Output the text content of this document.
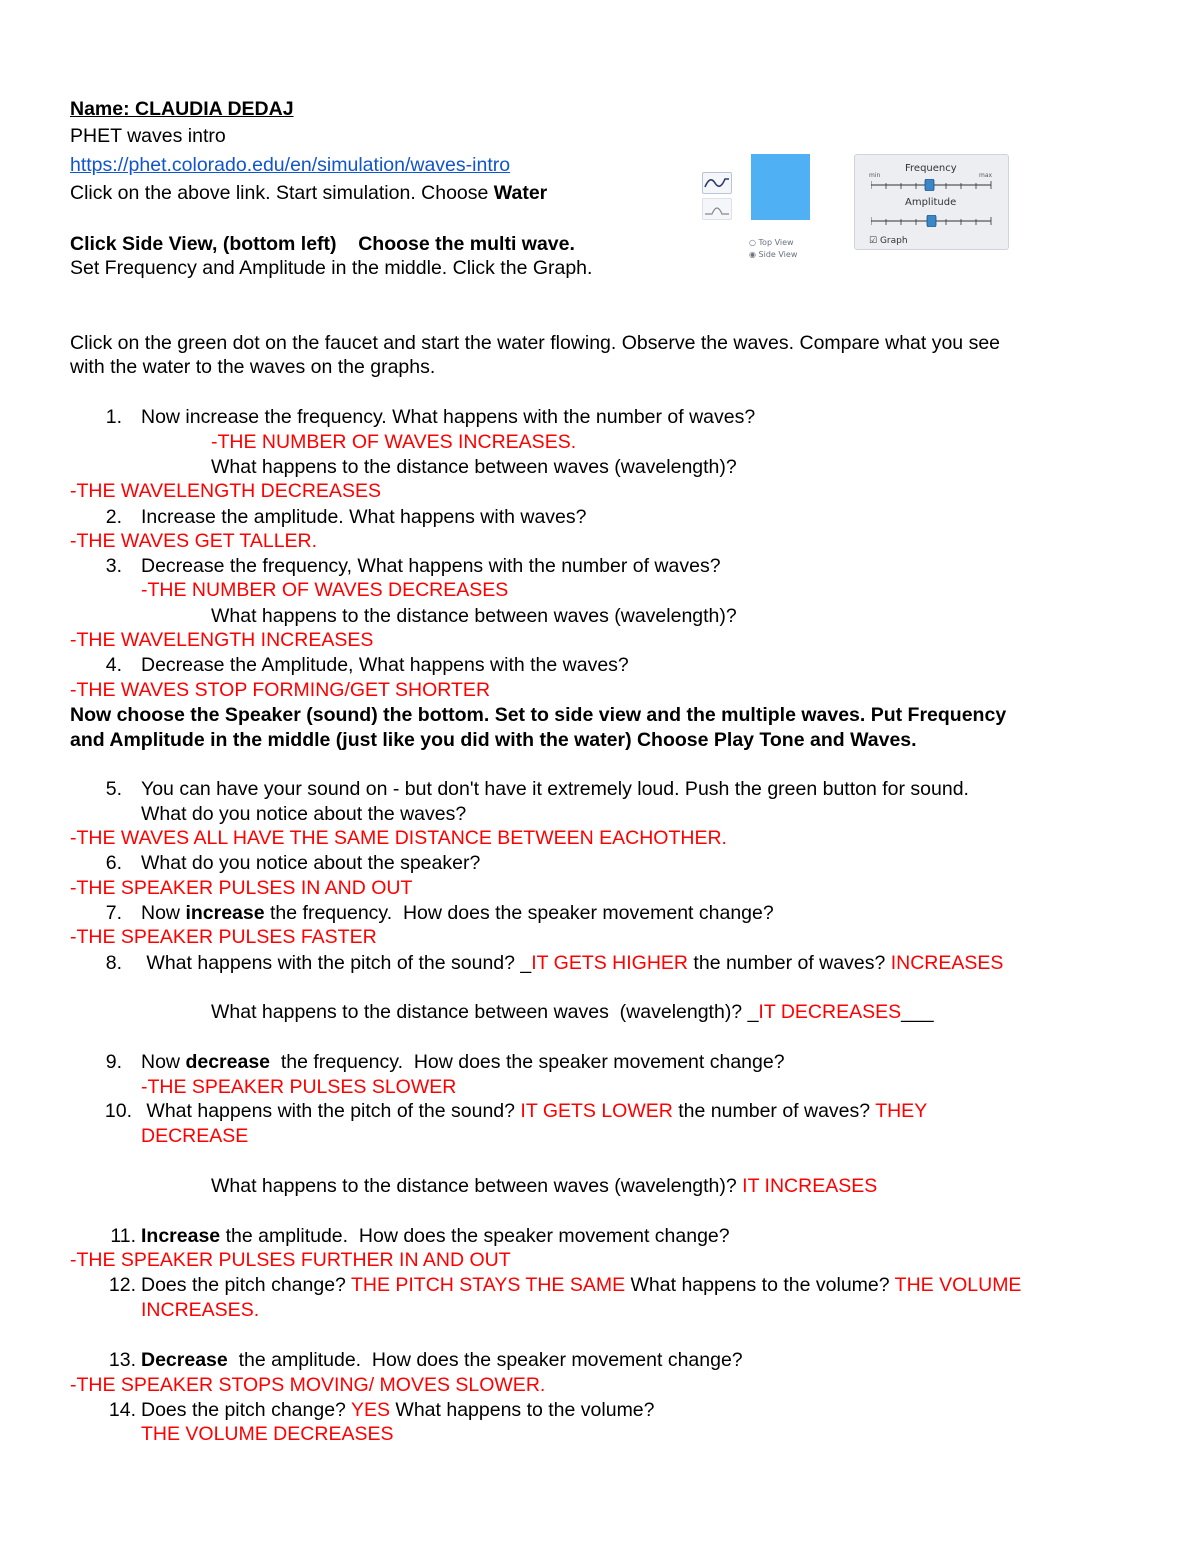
Name: CLAUDIA DEDAJ
PHET waves intro
https://phet.colorado.edu/en/simulation/waves-intro
Click on the above link. Start simulation. Choose Water
Click Side View, (bottom left)    Choose the multi wave.
Set Frequency and Amplitude in the middle. Click the Graph.
Click on the green dot on the faucet and start the water flowing. Observe the waves. Compare what you see
with the water to the waves on the graphs.
○ Top View
◉ Side View
Frequency
min	max
Amplitude
☑ Graph
1. Now increase the frequency. What happens with the number of waves?
-THE NUMBER OF WAVES INCREASES.
What happens to the distance between waves (wavelength)?
-THE WAVELENGTH DECREASES
2. Increase the amplitude. What happens with waves?
-THE WAVES GET TALLER.
3. Decrease the frequency, What happens with the number of waves?
-THE NUMBER OF WAVES DECREASES
What happens to the distance between waves (wavelength)?
-THE WAVELENGTH INCREASES
4. Decrease the Amplitude, What happens with the waves?
-THE WAVES STOP FORMING/GET SHORTER
Now choose the Speaker (sound) the bottom. Set to side view and the multiple waves. Put Frequency
and Amplitude in the middle (just like you did with the water) Choose Play Tone and Waves.
5. You can have your sound on - but don't have it extremely loud. Push the green button for sound.
What do you notice about the waves?
-THE WAVES ALL HAVE THE SAME DISTANCE BETWEEN EACHOTHER.
6. What do you notice about the speaker?
-THE SPEAKER PULSES IN AND OUT
7. Now increase the frequency.  How does the speaker movement change?
-THE SPEAKER PULSES FASTER
8. What happens with the pitch of the sound? _IT GETS HIGHER the number of waves? INCREASES
What happens to the distance between waves  (wavelength)? _IT DECREASES___
9. Now decrease  the frequency.  How does the speaker movement change?
-THE SPEAKER PULSES SLOWER
10. What happens with the pitch of the sound? IT GETS LOWER the number of waves? THEY
DECREASE
What happens to the distance between waves (wavelength)? IT INCREASES
11. Increase the amplitude.  How does the speaker movement change?
-THE SPEAKER PULSES FURTHER IN AND OUT
12. Does the pitch change? THE PITCH STAYS THE SAME What happens to the volume? THE VOLUME
INCREASES.
13. Decrease  the amplitude.  How does the speaker movement change?
-THE SPEAKER STOPS MOVING/ MOVES SLOWER.
14. Does the pitch change? YES What happens to the volume?
THE VOLUME DECREASES
